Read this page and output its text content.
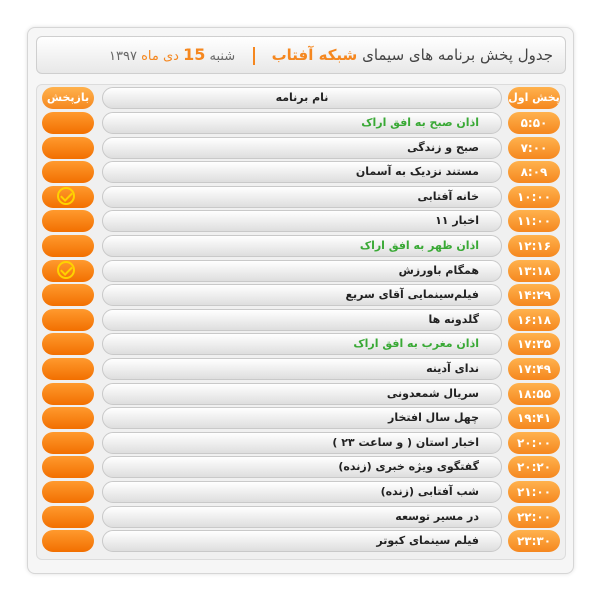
جدول پخش برنامه های سیمای شبکه آفتاب
شنبه 15 دی ماه ۱۳۹۷
پخش اول
نام برنامه
بازپخش
۵:۵۰
اذان صبح به افق اراک
۷:۰۰
صبح و زندگی
۸:۰۹
مستند نزدیک به آسمان
۱۰:۰۰
خانه آفتابی
۱۱:۰۰
اخبار ۱۱
۱۲:۱۶
اذان ظهر به افق اراک
۱۳:۱۸
همگام باورزش
۱۴:۲۹
فیلم‌سینمایی آقای سریع
۱۶:۱۸
گلدونه ها
۱۷:۳۵
اذان مغرب به افق اراک
۱۷:۴۹
ندای آدینه
۱۸:۵۵
سریال شمعدونی
۱۹:۴۱
چهل سال افتخار
۲۰:۰۰
اخبار استان ( و ساعت ۲۳ )
۲۰:۲۰
گفتگوی ویژه خبری (زنده)
۲۱:۰۰
شب آفتابی (زنده)
۲۲:۰۰
در مسیر توسعه
۲۳:۳۰
فیلم سینمای کبوتر
